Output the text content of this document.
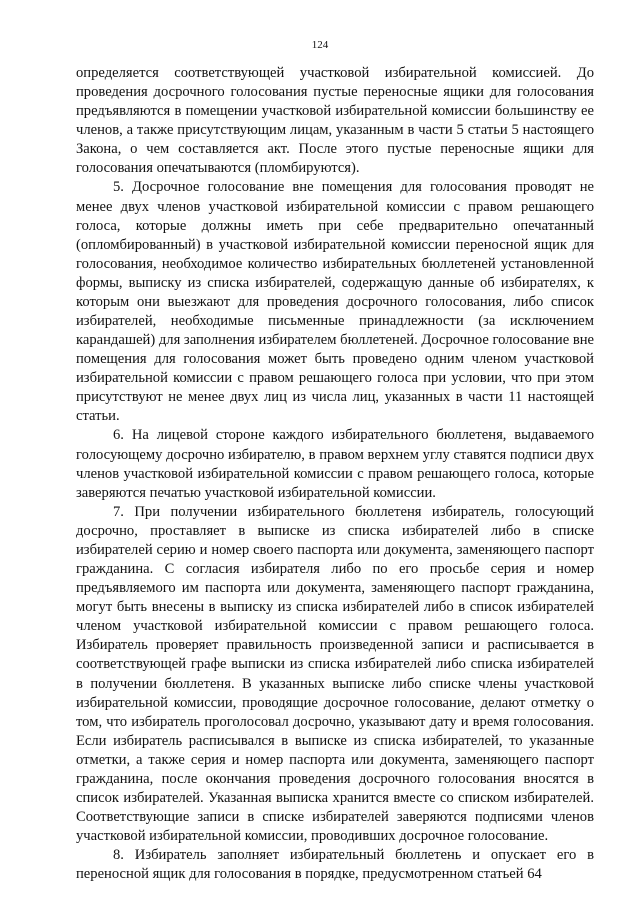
124

определяется соответствующей участковой избирательной комиссией. До проведения досрочного голосования пустые переносные ящики для голосования предъявляются в помещении участковой избирательной комиссии большинству ее членов, а также присутствующим лицам, указанным в части 5 статьи 5 настоящего Закона, о чем составляется акт. После этого пустые переносные ящики для голосования опечатываются (пломбируются).

5. Досрочное голосование вне помещения для голосования проводят не менее двух членов участковой избирательной комиссии с правом решающего голоса, которые должны иметь при себе предварительно опечатанный (опломбированный) в участковой избирательной комиссии переносной ящик для голосования, необходимое количество избирательных бюллетеней установленной формы, выписку из списка избирателей, содержащую данные об избирателях, к которым они выезжают для проведения досрочного голосования, либо список избирателей, необходимые письменные принадлежности (за исключением карандашей) для заполнения избирателем бюллетеней. Досрочное голосование вне помещения для голосования может быть проведено одним членом участковой избирательной комиссии с правом решающего голоса при условии, что при этом присутствуют не менее двух лиц из числа лиц, указанных в части 11 настоящей статьи.

6. На лицевой стороне каждого избирательного бюллетеня, выдаваемого голосующему досрочно избирателю, в правом верхнем углу ставятся подписи двух членов участковой избирательной комиссии с правом решающего голоса, которые заверяются печатью участковой избирательной комиссии.

7. При получении избирательного бюллетеня избиратель, голосующий досрочно, проставляет в выписке из списка избирателей либо в списке избирателей серию и номер своего паспорта или документа, заменяющего паспорт гражданина. С согласия избирателя либо по его просьбе серия и номер предъявляемого им паспорта или документа, заменяющего паспорт гражданина, могут быть внесены в выписку из списка избирателей либо в список избирателей членом участковой избирательной комиссии с правом решающего голоса. Избиратель проверяет правильность произведенной записи и расписывается в соответствующей графе выписки из списка избирателей либо списка избирателей в получении бюллетеня. В указанных выписке либо списке члены участковой избирательной комиссии, проводящие досрочное голосование, делают отметку о том, что избиратель проголосовал досрочно, указывают дату и время голосования. Если избиратель расписывался в выписке из списка избирателей, то указанные отметки, а также серия и номер паспорта или документа, заменяющего паспорт гражданина, после окончания проведения досрочного голосования вносятся в список избирателей. Указанная выписка хранится вместе со списком избирателей. Соответствующие записи в списке избирателей заверяются подписями членов участковой избирательной комиссии, проводивших досрочное голосование.

8. Избиратель заполняет избирательный бюллетень и опускает его в переносной ящик для голосования в порядке, предусмотренном статьей 64
